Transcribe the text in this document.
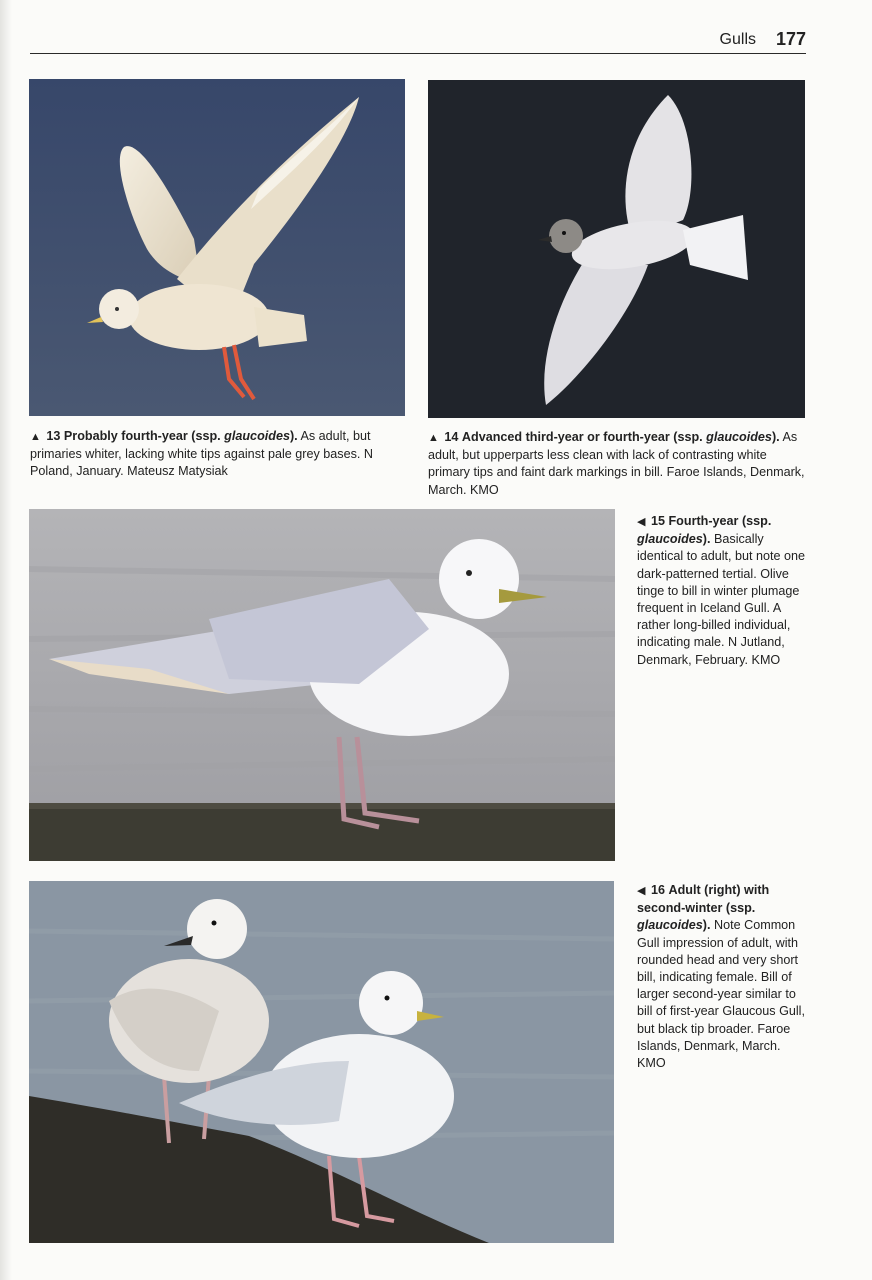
Gulls 177
▲ 13 Probably fourth-year (ssp. glaucoides). As adult, but primaries whiter, lacking white tips against pale grey bases. N Poland, January. Mateusz Matysiak
▲ 14 Advanced third-year or fourth-year (ssp. glaucoides). As adult, but upperparts less clean with lack of contrasting white primary tips and faint dark markings in bill. Faroe Islands, Denmark, March. KMO
◀ 15 Fourth-year (ssp. glaucoides). Basically identical to adult, but note one dark-patterned tertial. Olive tinge to bill in winter plumage frequent in Iceland Gull. A rather long-billed individual, indicating male. N Jutland, Denmark, February. KMO
◀ 16 Adult (right) with second-winter (ssp. glaucoides). Note Common Gull impression of adult, with rounded head and very short bill, indicating female. Bill of larger second-year similar to bill of first-year Glaucous Gull, but black tip broader. Faroe Islands, Denmark, March. KMO
